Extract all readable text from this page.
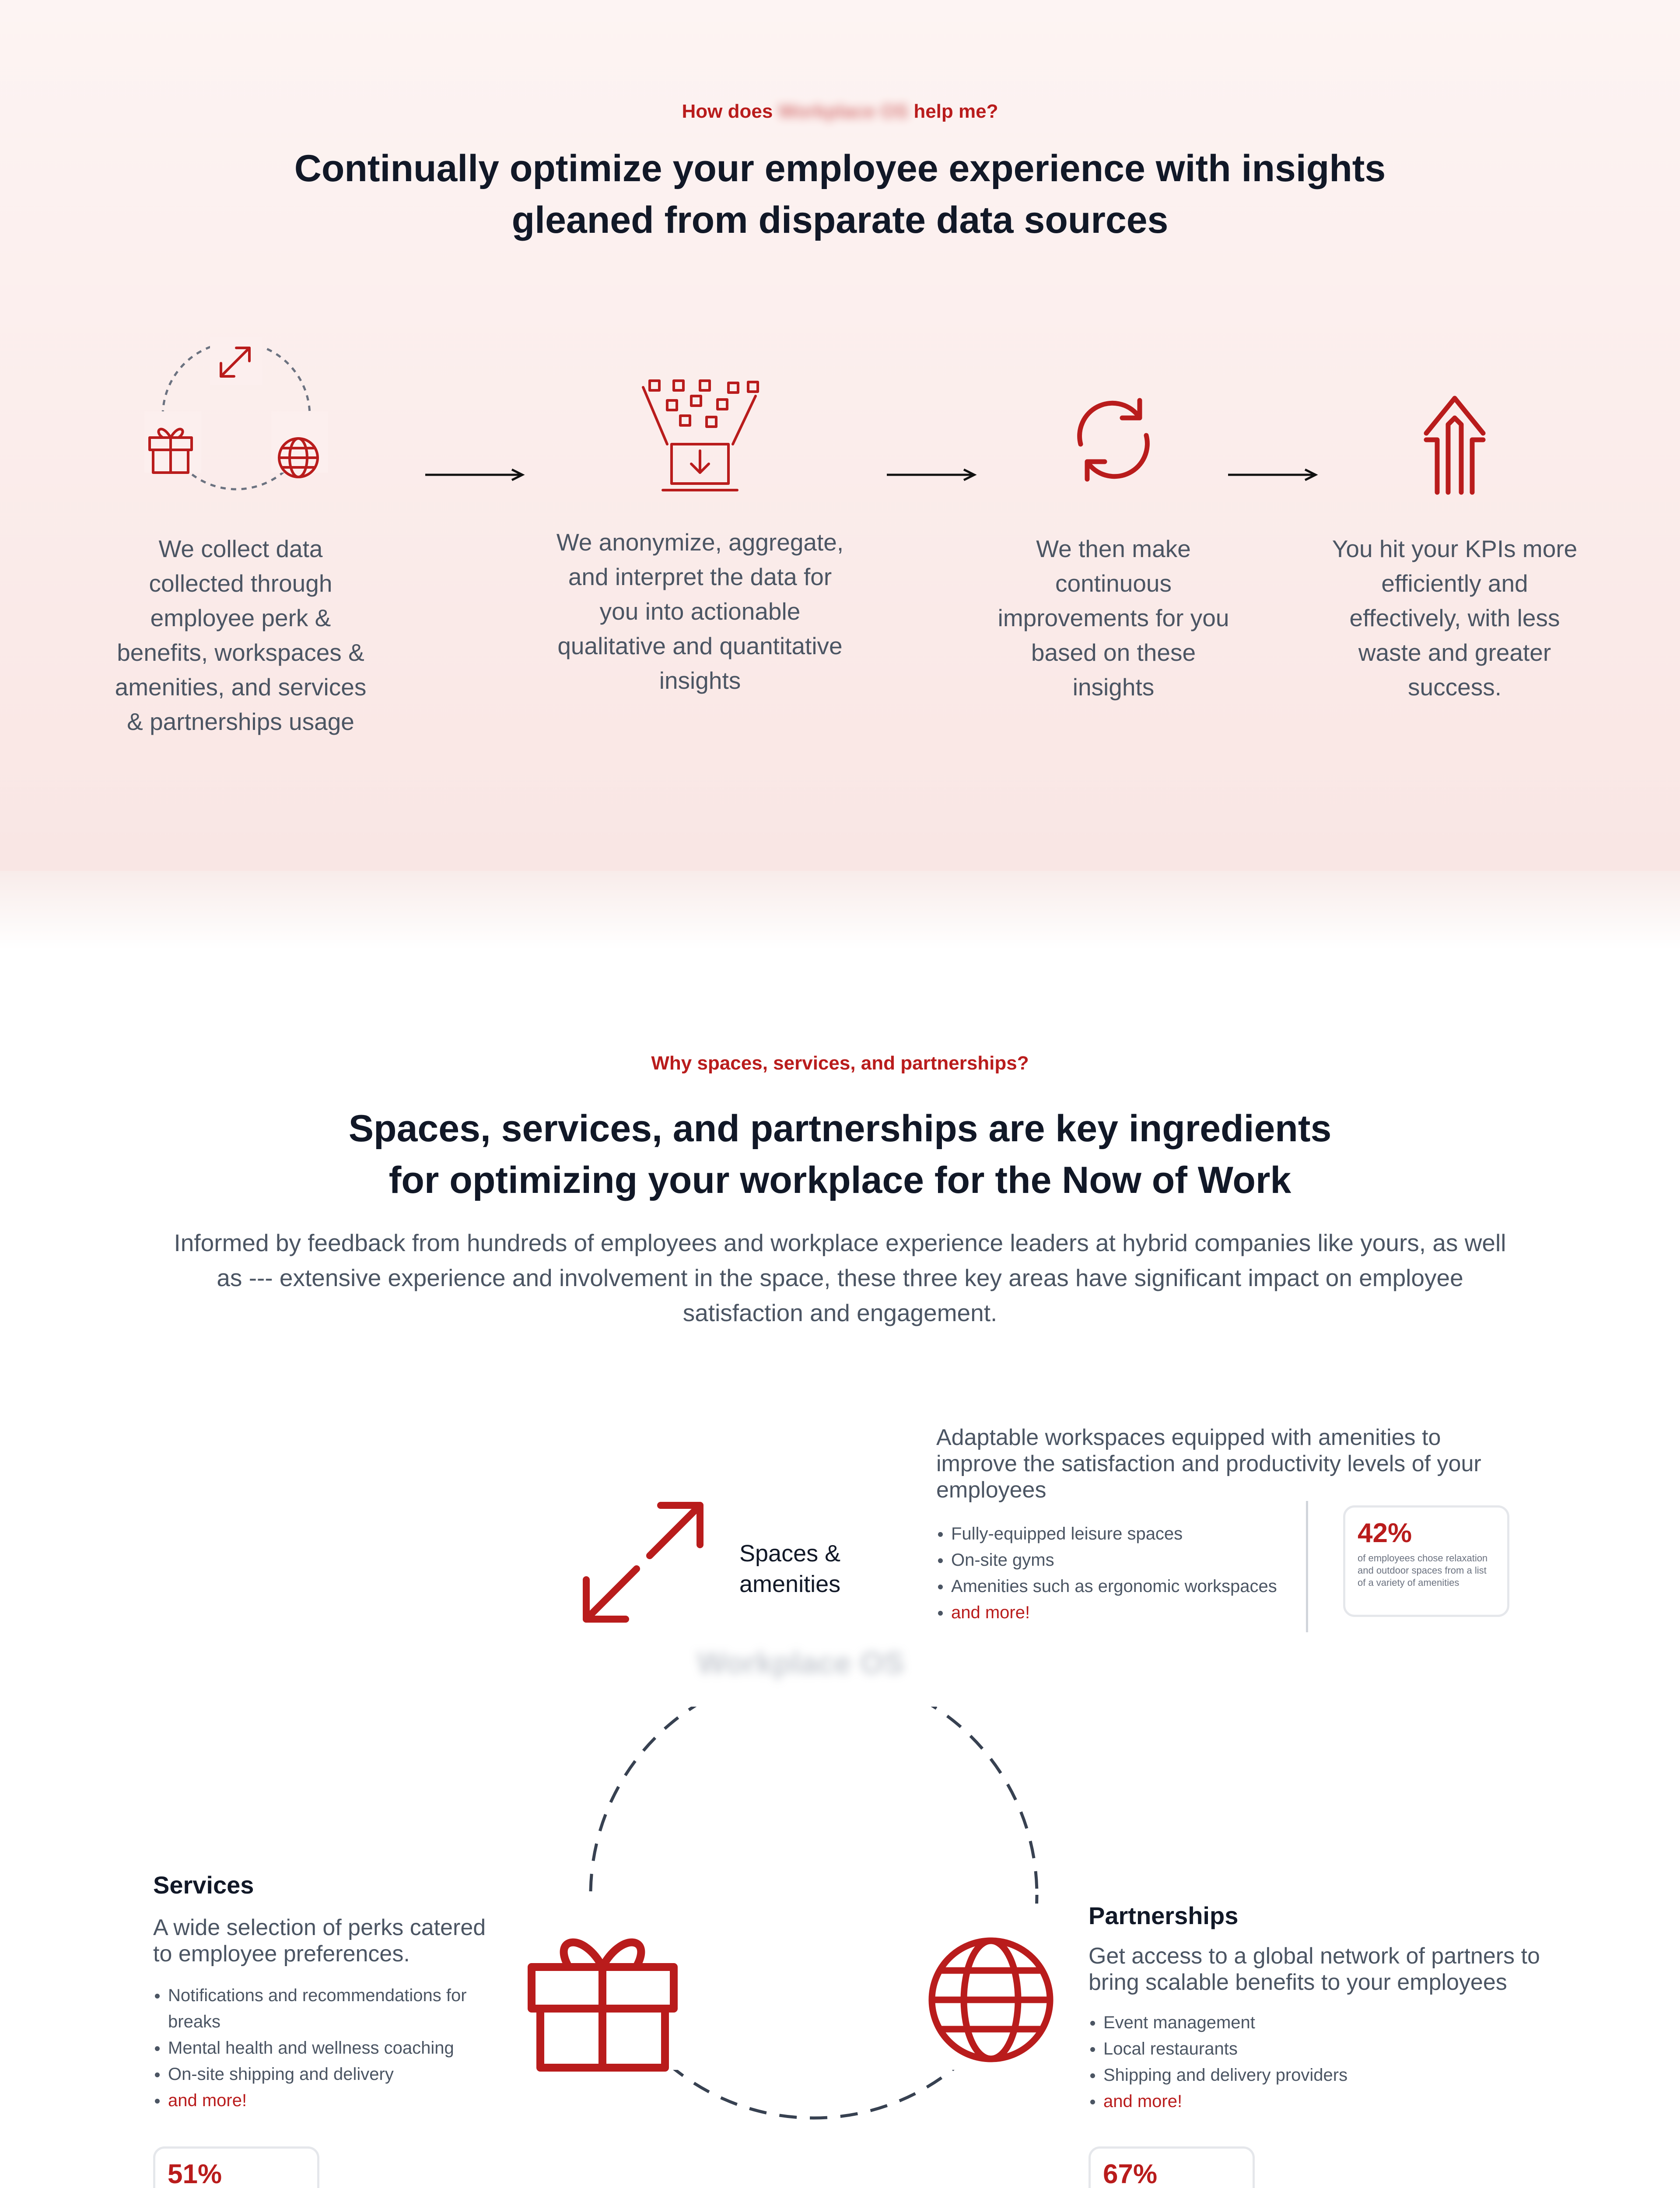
How does Workplace OS help me?
Continually optimize your employee experience with insights
gleaned from disparate data sources
We collect data collected through employee perk & benefits, workspaces & amenities, and services & partnerships usage
We anonymize, aggregate, and interpret the data for you into actionable qualitative and quantitative insights
We then make continuous improvements for you based on these insights
You hit your KPIs more efficiently and effectively, with less waste and greater success.
Why spaces, services, and partnerships?
Spaces, services, and partnerships are key ingredients
for optimizing your workplace for the Now of Work
Informed by feedback from hundreds of employees and workplace experience leaders at hybrid companies like yours, as well as --- extensive experience and involvement in the space, these three key areas have significant impact on employee satisfaction and engagement.
Workplace OS
Spaces &
amenities
Adaptable workspaces equipped with amenities to improve the satisfaction and productivity levels of your employees
Fully-equipped leisure spaces
On-site gyms
Amenities such as ergonomic workspaces
and more!
42%
of employees chose relaxation and outdoor spaces from a list of a variety of amenities
Services
A wide selection of perks catered to employee preferences.
Notifications and recommendations for breaks
Mental health and wellness coaching
On-site shipping and delivery
and more!
51%
Partnerships
Get access to a global network of partners to bring scalable benefits to your employees
Event management
Local restaurants
Shipping and delivery providers
and more!
67%
